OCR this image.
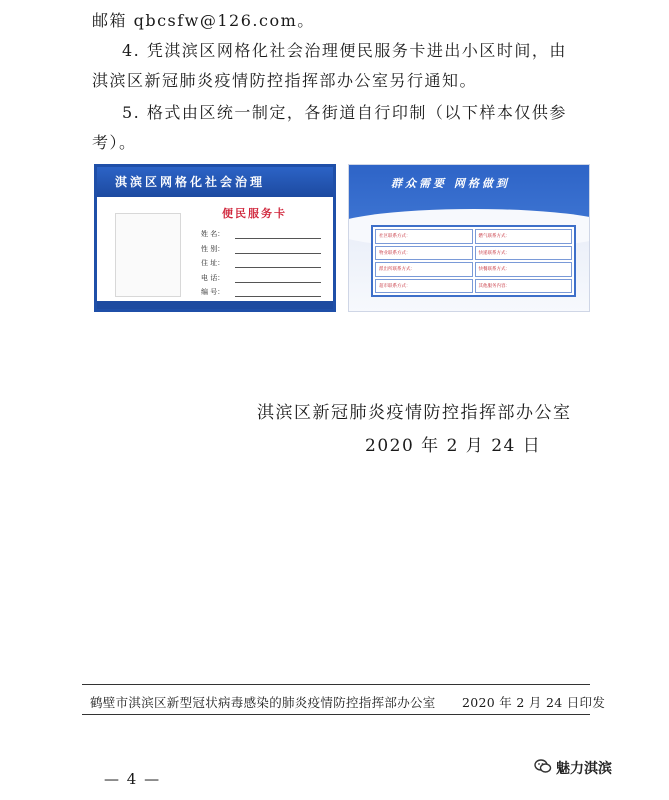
邮箱 qbcsfw@126.com。
4. 凭淇滨区网格化社会治理便民服务卡进出小区时间，由
淇滨区新冠肺炎疫情防控指挥部办公室另行通知。
5. 格式由区统一制定，各街道自行印制（以下样本仅供参
考）。
淇滨区网格化社会治理
便民服务卡
姓 名：
性 别：
住 址：
电 话：
编 号：
群众需要 网格做到
社区联系方式：	燃气联系方式：
物业联系方式：	快递联系方式：
派出所联系方式：	快餐联系方式：
超市联系方式：	其他服务内容：
淇滨区新冠肺炎疫情防控指挥部办公室
2020 年 2 月 24 日
鹤壁市淇滨区新型冠状病毒感染的肺炎疫情防控指挥部办公室 2020 年 2 月 24 日印发
— 4 —
魅力淇滨
